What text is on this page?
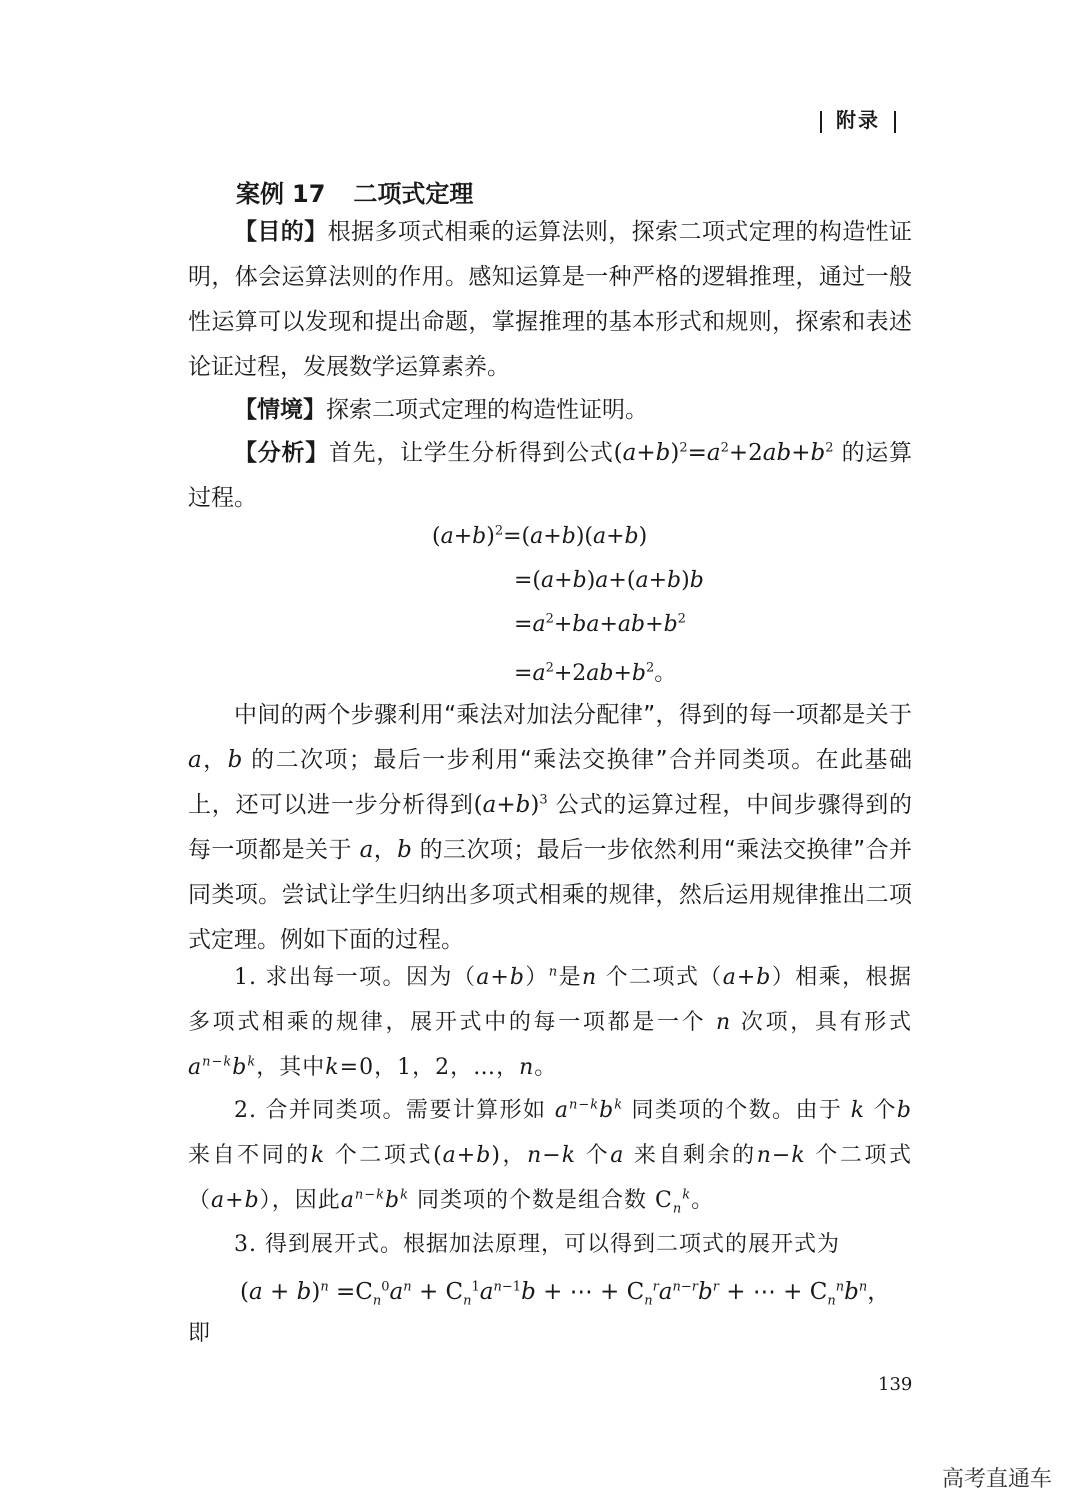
附录
案例 17 二项式定理
【目的】根据多项式相乘的运算法则，探索二项式定理的构造性证明，体会运算法则的作用。感知运算是一种严格的逻辑推理，通过一般性运算可以发现和提出命题，掌握推理的基本形式和规则，探索和表述论证过程，发展数学运算素养。
【情境】探索二项式定理的构造性证明。
【分析】首先，让学生分析得到公式$(a+b)^2=a^2+2ab+b^2$ 的运算过程。
$(a+b)^2=(a+b)(a+b)$
=(a+b)a+(a+b)b
$=a^2+ba+ab+b^2$
$=a^2+2ab+b^2$。
中间的两个步骤利用“乘法对加法分配律”，得到的每一项都是关于 a，b 的二次项；最后一步利用“乘法交换律”合并同类项。在此基础上，还可以进一步分析得到$(a+b)^3$ 公式的运算过程，中间步骤得到的每一项都是关于 a，b 的三次项；最后一步依然利用“乘法交换律”合并同类项。尝试让学生归纳出多项式相乘的规律，然后运用规律推出二项式定理。例如下面的过程。
1. 求出每一项。因为$(a+b)^n$是n 个二项式（a+b）相乘，根据多项式相乘的规律，展开式中的每一项都是一个 n 次项，具有形式 $a^{n-k}b^k$，其中k=0，1，2，…，n。
2. 合并同类项。需要计算形如 $a^{n-k}b^k$ 同类项的个数。由于 k 个b 来自不同的k 个二项式(a+b)，n−k 个a 来自剩余的n−k 个二项式（a+b），因此$a^{n-k}b^k$ 同类项的个数是组合数 $C_n^k$。
3. 得到展开式。根据加法原理，可以得到二项式的展开式为
$(a + b)^n =C_n^0a^n + C_n^1a^{n-1}b$ + ⋯ + $C_n^ra^{n-r}b^r$ + ⋯ + $C_n^nb^n$，
即
139
高考直通车
